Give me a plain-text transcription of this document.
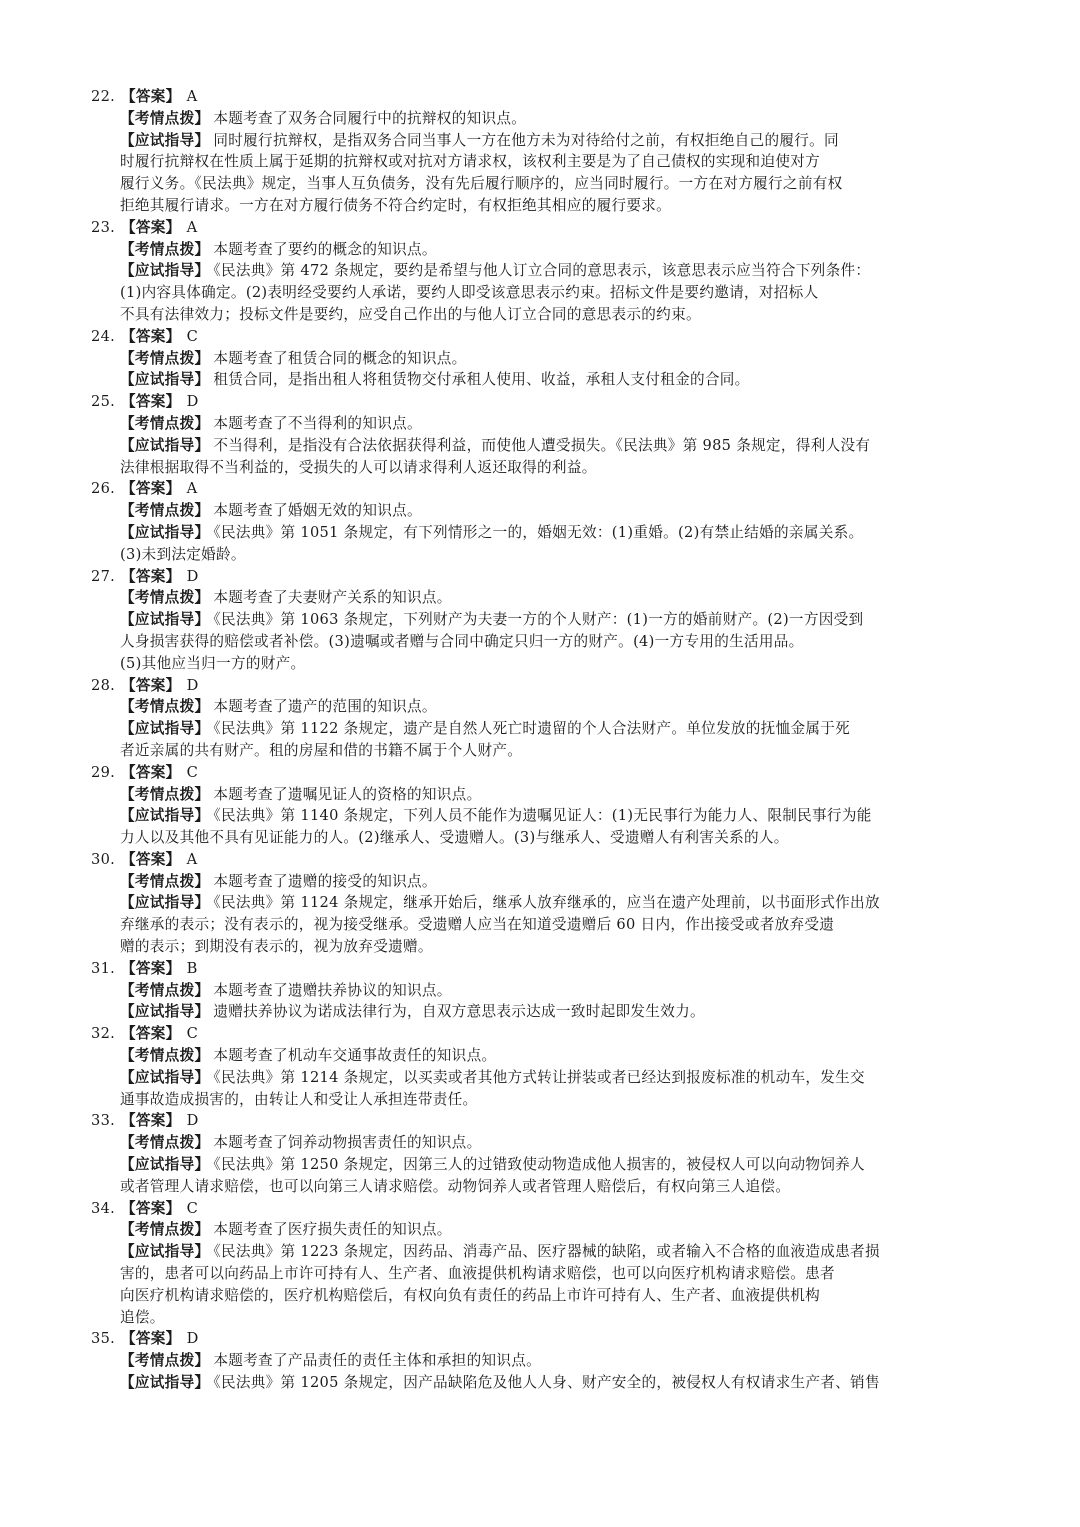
22. 【答案】 A
【考情点拨】 本题考查了双务合同履行中的抗辩权的知识点。
【应试指导】 同时履行抗辩权，是指双务合同当事人一方在他方未为对待给付之前，有权拒绝自己的履行。同
时履行抗辩权在性质上属于延期的抗辩权或对抗对方请求权，该权利主要是为了自己债权的实现和迫使对方
履行义务。《民法典》规定，当事人互负债务，没有先后履行顺序的，应当同时履行。一方在对方履行之前有权
拒绝其履行请求。一方在对方履行债务不符合约定时，有权拒绝其相应的履行要求。
23. 【答案】 A
【考情点拨】 本题考查了要约的概念的知识点。
【应试指导】 《民法典》第 472 条规定，要约是希望与他人订立合同的意思表示，该意思表示应当符合下列条件：
(1)内容具体确定。(2)表明经受要约人承诺，要约人即受该意思表示约束。招标文件是要约邀请，对招标人
不具有法律效力；投标文件是要约，应受自己作出的与他人订立合同的意思表示的约束。
24. 【答案】 C
【考情点拨】 本题考查了租赁合同的概念的知识点。
【应试指导】 租赁合同，是指出租人将租赁物交付承租人使用、收益，承租人支付租金的合同。
25. 【答案】 D
【考情点拨】 本题考查了不当得利的知识点。
【应试指导】 不当得利，是指没有合法依据获得利益，而使他人遭受损失。《民法典》第 985 条规定，得利人没有
法律根据取得不当利益的，受损失的人可以请求得利人返还取得的利益。
26. 【答案】 A
【考情点拨】 本题考查了婚姻无效的知识点。
【应试指导】 《民法典》第 1051 条规定，有下列情形之一的，婚姻无效：(1)重婚。(2)有禁止结婚的亲属关系。
(3)未到法定婚龄。
27. 【答案】 D
【考情点拨】 本题考查了夫妻财产关系的知识点。
【应试指导】 《民法典》第 1063 条规定，下列财产为夫妻一方的个人财产：(1)一方的婚前财产。(2)一方因受到
人身损害获得的赔偿或者补偿。(3)遗嘱或者赠与合同中确定只归一方的财产。(4)一方专用的生活用品。
(5)其他应当归一方的财产。
28. 【答案】 D
【考情点拨】 本题考查了遗产的范围的知识点。
【应试指导】 《民法典》第 1122 条规定，遗产是自然人死亡时遗留的个人合法财产。单位发放的抚恤金属于死
者近亲属的共有财产。租的房屋和借的书籍不属于个人财产。
29. 【答案】 C
【考情点拨】 本题考查了遗嘱见证人的资格的知识点。
【应试指导】 《民法典》第 1140 条规定，下列人员不能作为遗嘱见证人：(1)无民事行为能力人、限制民事行为能
力人以及其他不具有见证能力的人。(2)继承人、受遗赠人。(3)与继承人、受遗赠人有利害关系的人。
30. 【答案】 A
【考情点拨】 本题考查了遗赠的接受的知识点。
【应试指导】 《民法典》第 1124 条规定，继承开始后，继承人放弃继承的，应当在遗产处理前，以书面形式作出放
弃继承的表示；没有表示的，视为接受继承。受遗赠人应当在知道受遗赠后 60 日内，作出接受或者放弃受遗
赠的表示；到期没有表示的，视为放弃受遗赠。
31. 【答案】 B
【考情点拨】 本题考查了遗赠扶养协议的知识点。
【应试指导】 遗赠扶养协议为诺成法律行为，自双方意思表示达成一致时起即发生效力。
32. 【答案】 C
【考情点拨】 本题考查了机动车交通事故责任的知识点。
【应试指导】 《民法典》第 1214 条规定，以买卖或者其他方式转让拼装或者已经达到报废标准的机动车，发生交
通事故造成损害的，由转让人和受让人承担连带责任。
33. 【答案】 D
【考情点拨】 本题考查了饲养动物损害责任的知识点。
【应试指导】 《民法典》第 1250 条规定，因第三人的过错致使动物造成他人损害的，被侵权人可以向动物饲养人
或者管理人请求赔偿，也可以向第三人请求赔偿。动物饲养人或者管理人赔偿后，有权向第三人追偿。
34. 【答案】 C
【考情点拨】 本题考查了医疗损失责任的知识点。
【应试指导】 《民法典》第 1223 条规定，因药品、消毒产品、医疗器械的缺陷，或者输入不合格的血液造成患者损
害的，患者可以向药品上市许可持有人、生产者、血液提供机构请求赔偿，也可以向医疗机构请求赔偿。患者
向医疗机构请求赔偿的，医疗机构赔偿后，有权向负有责任的药品上市许可持有人、生产者、血液提供机构
追偿。
35. 【答案】 D
【考情点拨】 本题考查了产品责任的责任主体和承担的知识点。
【应试指导】 《民法典》第 1205 条规定，因产品缺陷危及他人人身、财产安全的，被侵权人有权请求生产者、销售
